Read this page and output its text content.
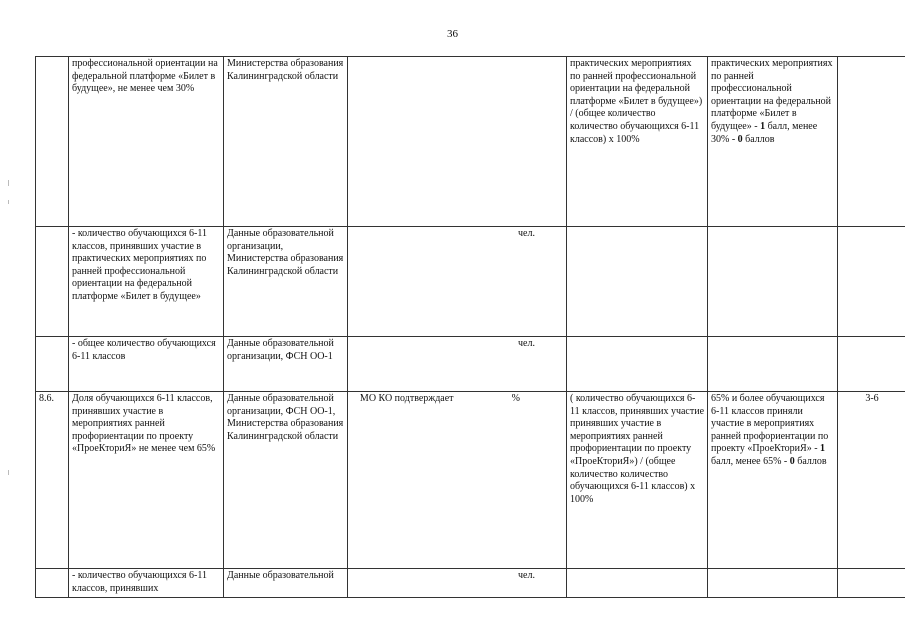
36
	профессиональной ориентации на федеральной платформе «Билет в будущее», не менее чем 30%	Министерства образования Калининградской области		практических мероприятиях по ранней профессиональной ориентации на федеральной платформе «Билет в будущее») / (общее количество количество обучающихся 6-11 классов) х 100%	практических мероприятиях по ранней профессиональной ориентации на федеральной платформе «Билет в будущее» - 1 балл, менее 30% - 0 баллов	
	- количество обучающихся 6-11 классов, принявших участие в практических мероприятиях по ранней профессиональной ориентации на федеральной платформе «Билет в будущее»	Данные образовательной организации, Министерства образования Калининградской области	чел.			
	- общее количество обучающихся 6-11 классов	Данные образовательной организации, ФСН ОО-1	чел.			
8.6.	Доля обучающихся 6-11 классов, принявших участие в мероприятиях ранней профориентации по проекту «ПроеКториЯ» не менее чем 65%	Данные образовательной организации, ФСН ОО-1, Министерства образования Калининградской области	МО КО подтверждает %	( количество обучающихся 6-11 классов, принявших участие принявших участие в мероприятиях ранней профориентации по проекту «ПроеКториЯ») / (общее количество количество обучающихся 6-11 классов) х 100%	65% и более обучающихся 6-11 классов приняли участие в мероприятиях ранней профориентации по проекту «ПроеКториЯ» - 1 балл, менее 65% - 0 баллов	3-6
	- количество обучающихся 6-11 классов, принявших	Данные образовательной	чел.			
